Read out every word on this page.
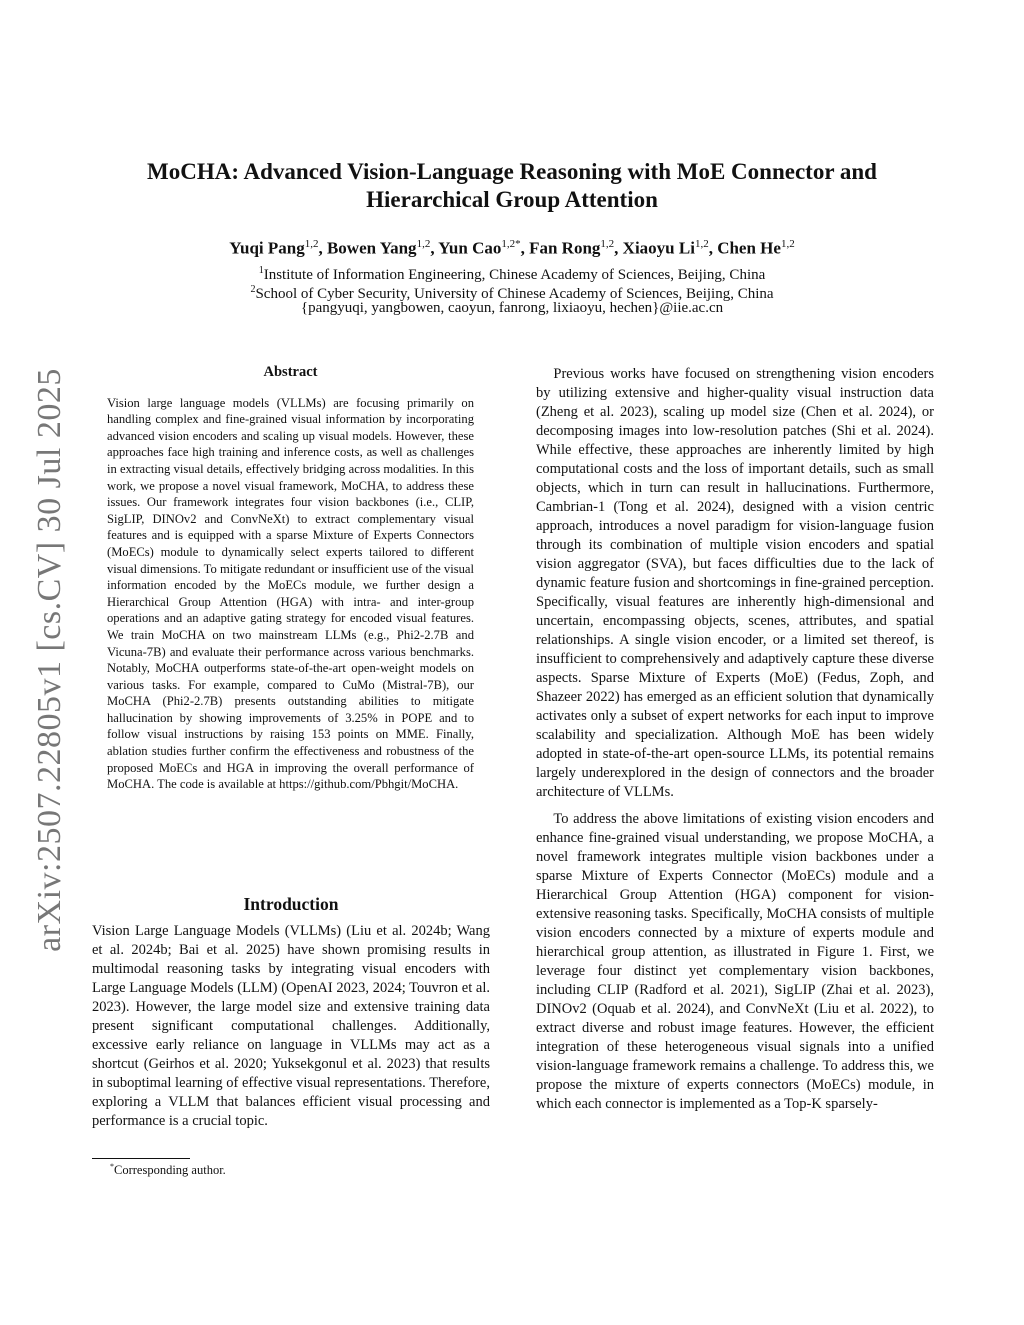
arXiv:2507.22805v1 [cs.CV] 30 Jul 2025
MoCHA: Advanced Vision-Language Reasoning with MoE Connector and Hierarchical Group Attention
Yuqi Pang$^{1,2}$, Bowen Yang$^{1,2}$, Yun Cao$^{1,2*}$, Fan Rong$^{1,2}$, Xiaoyu Li$^{1,2}$, Chen He$^{1,2}$
$^1$Institute of Information Engineering, Chinese Academy of Sciences, Beijing, China
$^2$School of Cyber Security, University of Chinese Academy of Sciences, Beijing, China
{pangyuqi, yangbowen, caoyun, fanrong, lixiaoyu, hechen}@iie.ac.cn
Abstract

Vision large language models (VLLMs) are focusing primarily on handling complex and fine-grained visual information by incorporating advanced vision encoders and scaling up visual models. However, these approaches face high training and inference costs, as well as challenges in extracting visual details, effectively bridging across modalities. In this work, we propose a novel visual framework, MoCHA, to address these issues. Our framework integrates four vision backbones (i.e., CLIP, SigLIP, DINOv2 and ConvNeXt) to extract complementary visual features and is equipped with a sparse Mixture of Experts Connectors (MoECs) module to dynamically select experts tailored to different visual dimensions. To mitigate redundant or insufficient use of the visual information encoded by the MoECs module, we further design a Hierarchical Group Attention (HGA) with intra- and inter-group operations and an adaptive gating strategy for encoded visual features. We train MoCHA on two mainstream LLMs (e.g., Phi2-2.7B and Vicuna-7B) and evaluate their performance across various benchmarks. Notably, MoCHA outperforms state-of-the-art open-weight models on various tasks. For example, compared to CuMo (Mistral-7B), our MoCHA (Phi2-2.7B) presents outstanding abilities to mitigate hallucination by showing improvements of 3.25% in POPE and to follow visual instructions by raising 153 points on MME. Finally, ablation studies further confirm the effectiveness and robustness of the proposed MoECs and HGA in improving the overall performance of MoCHA. The code is available at https://github.com/Pbhgit/MoCHA.

Introduction

Vision Large Language Models (VLLMs) (Liu et al. 2024b; Wang et al. 2024b; Bai et al. 2025) have shown promising results in multimodal reasoning tasks by integrating visual encoders with Large Language Models (LLM) (OpenAI 2023, 2024; Touvron et al. 2023). However, the large model size and extensive training data present significant computational challenges. Additionally, excessive early reliance on language in VLLMs may act as a shortcut (Geirhos et al. 2020; Yuksekgonul et al. 2023) that results in suboptimal learning of effective visual representations. Therefore, exploring a VLLM that balances efficient visual processing and performance is a crucial topic.

*Corresponding author.

Previous works have focused on strengthening vision encoders by utilizing extensive and higher-quality visual instruction data (Zheng et al. 2023), scaling up model size (Chen et al. 2024), or decomposing images into low-resolution patches (Shi et al. 2024). While effective, these approaches are inherently limited by high computational costs and the loss of important details, such as small objects, which in turn can result in hallucinations. Furthermore, Cambrian-1 (Tong et al. 2024), designed with a vision centric approach, introduces a novel paradigm for vision-language fusion through its combination of multiple vision encoders and spatial vision aggregator (SVA), but faces difficulties due to the lack of dynamic feature fusion and shortcomings in fine-grained perception. Specifically, visual features are inherently high-dimensional and uncertain, encompassing objects, scenes, attributes, and spatial relationships. A single vision encoder, or a limited set thereof, is insufficient to comprehensively and adaptively capture these diverse aspects. Sparse Mixture of Experts (MoE) (Fedus, Zoph, and Shazeer 2022) has emerged as an efficient solution that dynamically activates only a subset of expert networks for each input to improve scalability and specialization. Although MoE has been widely adopted in state-of-the-art open-source LLMs, its potential remains largely underexplored in the design of connectors and the broader architecture of VLLMs.

To address the above limitations of existing vision encoders and enhance fine-grained visual understanding, we propose MoCHA, a novel framework integrates multiple vision backbones under a sparse Mixture of Experts Connector (MoECs) module and a Hierarchical Group Attention (HGA) component for vision-extensive reasoning tasks. Specifically, MoCHA consists of multiple vision encoders connected by a mixture of experts module and hierarchical group attention, as illustrated in Figure 1. First, we leverage four distinct yet complementary vision backbones, including CLIP (Radford et al. 2021), SigLIP (Zhai et al. 2023), DINOv2 (Oquab et al. 2024), and ConvNeXt (Liu et al. 2022), to extract diverse and robust image features. However, the efficient integration of these heterogeneous visual signals into a unified vision-language framework remains a challenge. To address this, we propose the mixture of experts connectors (MoECs) module, in which each connector is implemented as a Top-K sparsely-
